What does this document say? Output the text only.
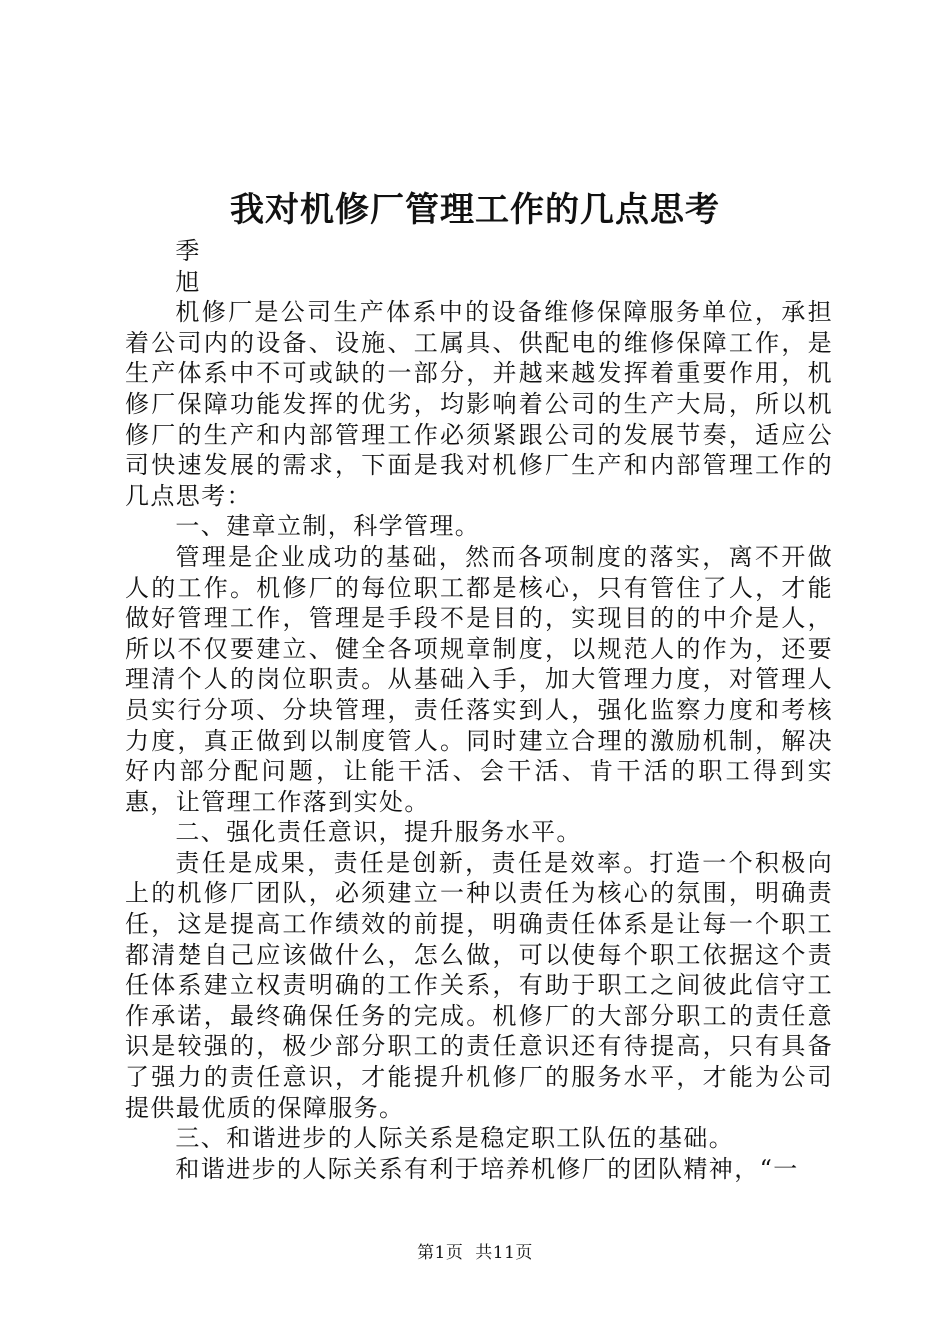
我对机修厂管理工作的几点思考

季

旭

机修厂是公司生产体系中的设备维修保障服务单位，承担着公司内的设备、设施、工属具、供配电的维修保障工作，是生产体系中不可或缺的一部分，并越来越发挥着重要作用，机修厂保障功能发挥的优劣，均影响着公司的生产大局，所以机修厂的生产和内部管理工作必须紧跟公司的发展节奏，适应公司快速发展的需求，下面是我对机修厂生产和内部管理工作的几点思考：

一、建章立制，科学管理。

管理是企业成功的基础，然而各项制度的落实，离不开做人的工作。机修厂的每位职工都是核心，只有管住了人，才能做好管理工作，管理是手段不是目的，实现目的的中介是人，所以不仅要建立、健全各项规章制度，以规范人的作为，还要理清个人的岗位职责。从基础入手，加大管理力度，对管理人员实行分项、分块管理，责任落实到人，强化监察力度和考核力度，真正做到以制度管人。同时建立合理的激励机制，解决好内部分配问题，让能干活、会干活、肯干活的职工得到实惠，让管理工作落到实处。

二、强化责任意识，提升服务水平。

责任是成果，责任是创新，责任是效率。打造一个积极向上的机修厂团队，必须建立一种以责任为核心的氛围，明确责任，这是提高工作绩效的前提，明确责任体系是让每一个职工都清楚自己应该做什么，怎么做，可以使每个职工依据这个责任体系建立权责明确的工作关系，有助于职工之间彼此信守工作承诺，最终确保任务的完成。机修厂的大部分职工的责任意识是较强的，极少部分职工的责任意识还有待提高，只有具备了强力的责任意识，才能提升机修厂的服务水平，才能为公司提供最优质的保障服务。

三、和谐进步的人际关系是稳定职工队伍的基础。

和谐进步的人际关系有利于培养机修厂的团队精神，“一

第1页 共11页
